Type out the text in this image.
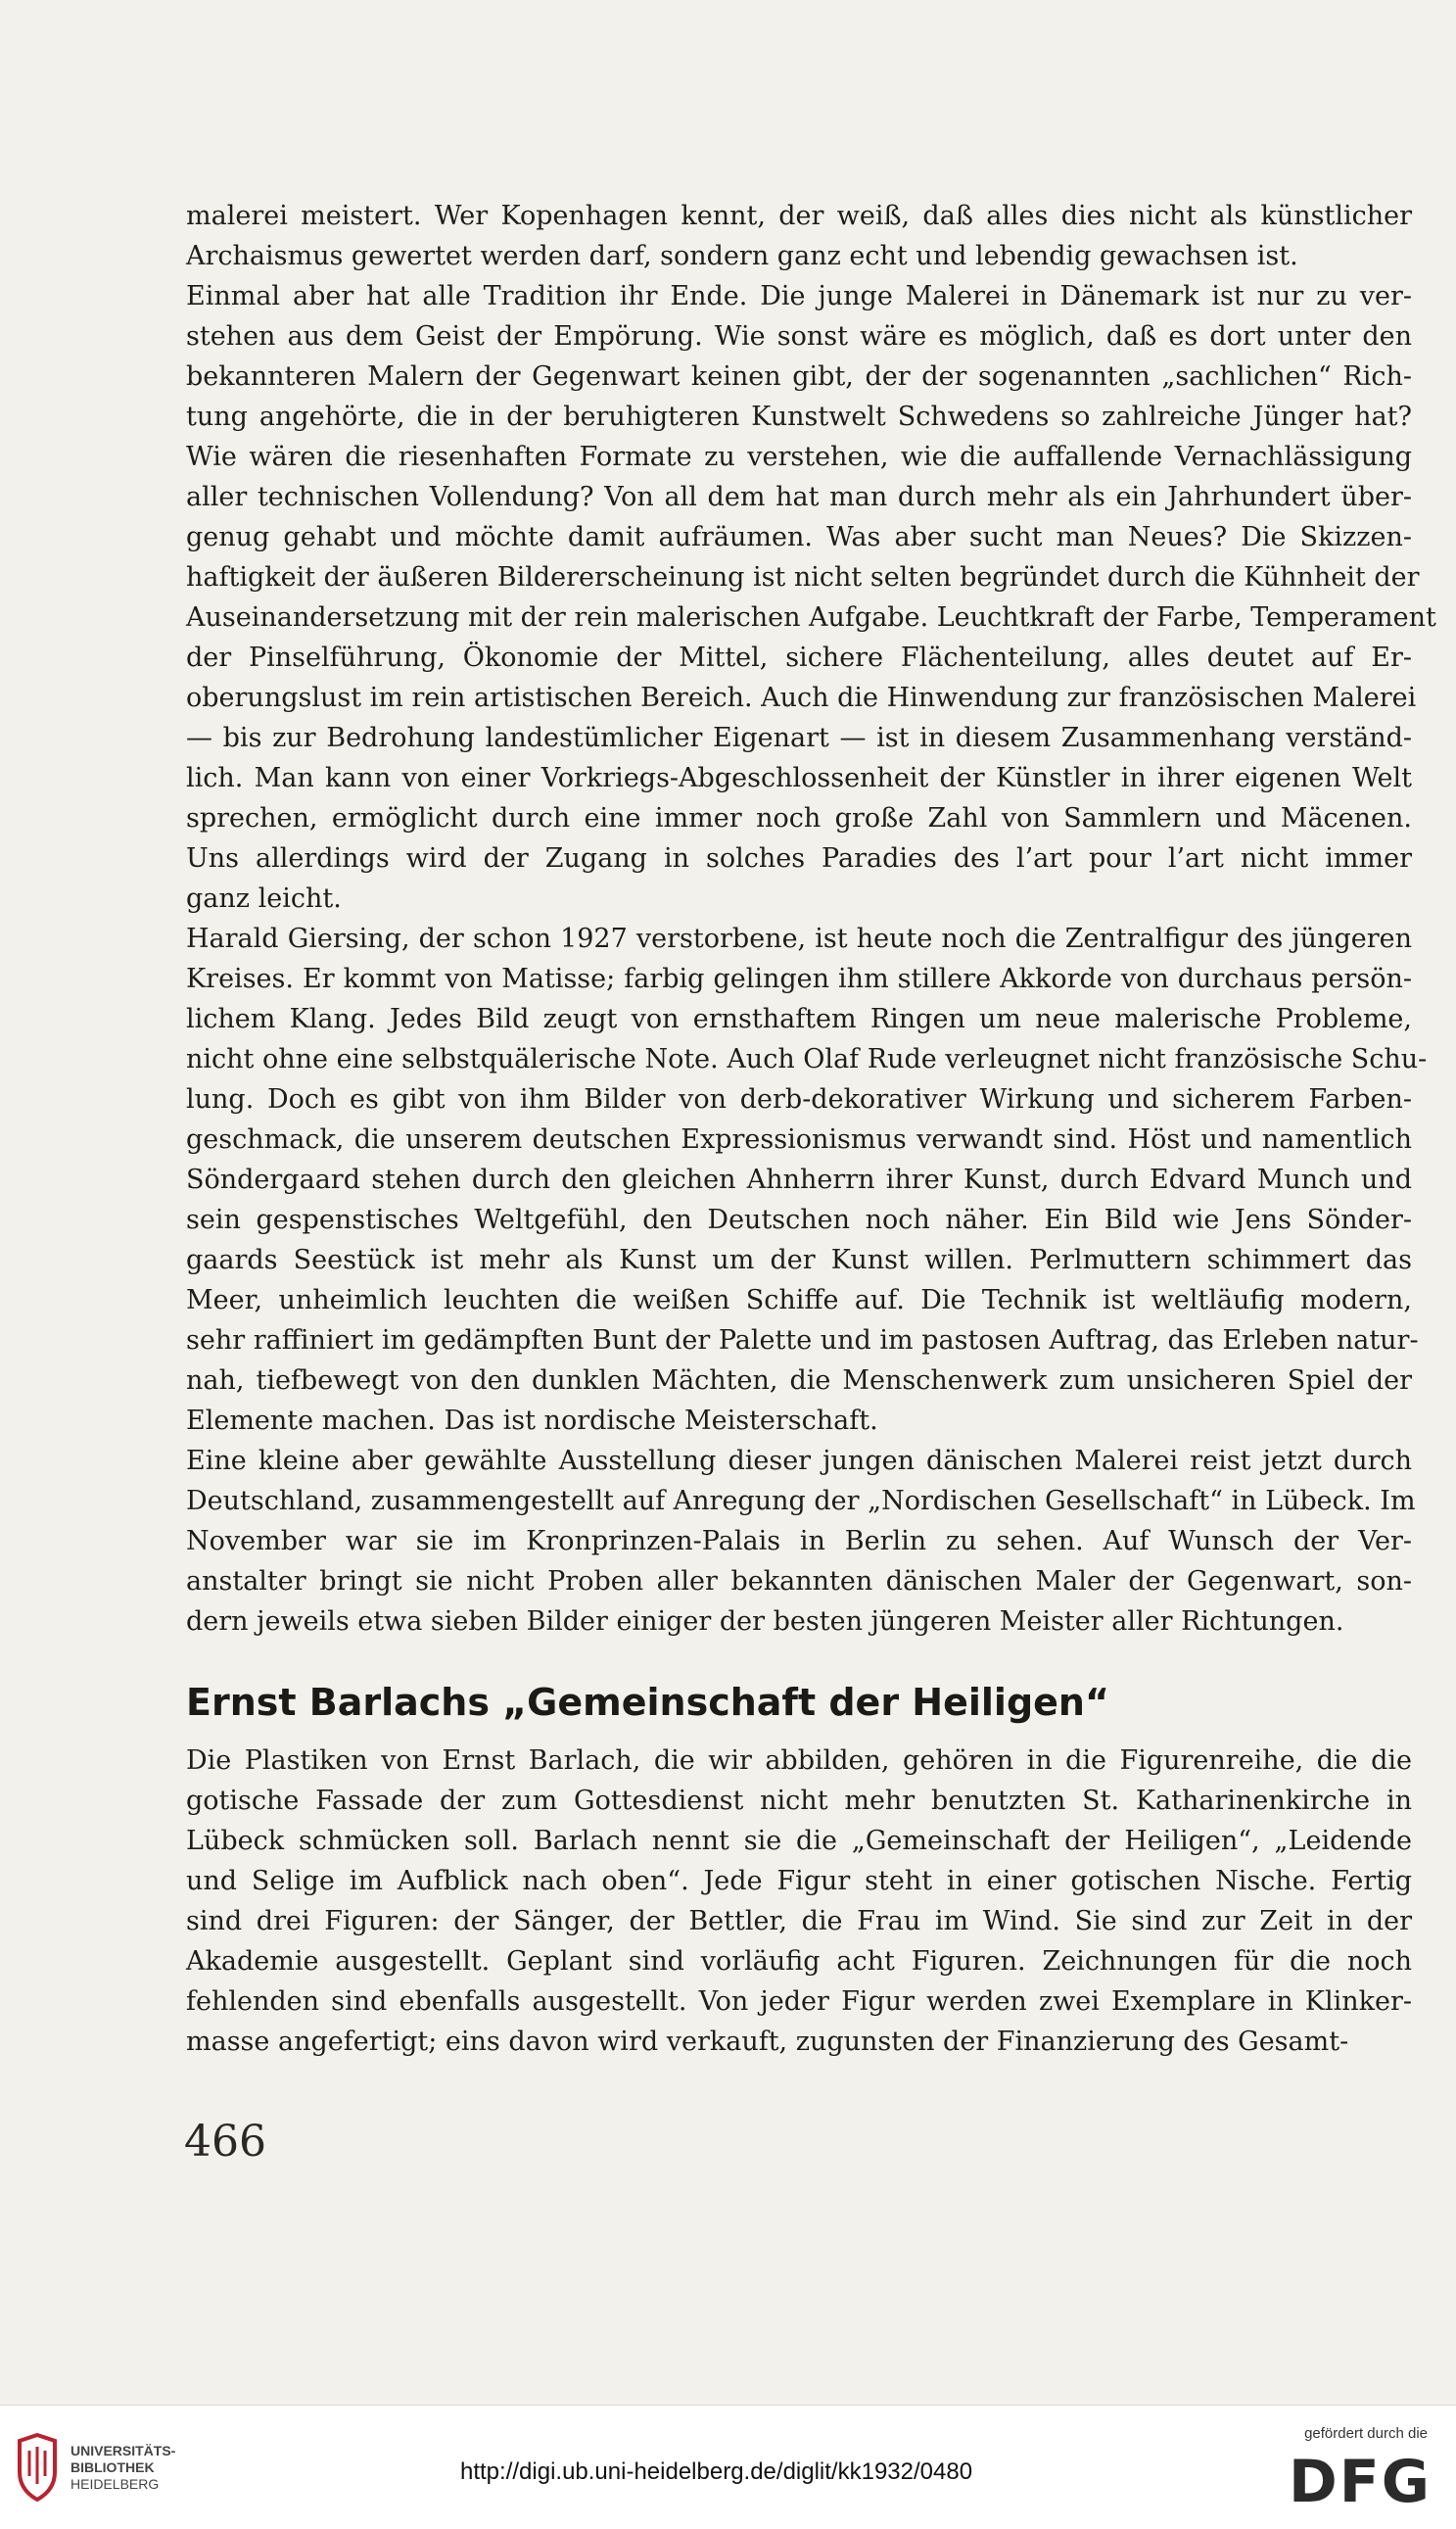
malerei meistert. Wer Kopenhagen kennt, der weiß, daß alles dies nicht als künstlicher
Archaismus gewertet werden darf, sondern ganz echt und lebendig gewachsen ist.
Einmal aber hat alle Tradition ihr Ende. Die junge Malerei in Dänemark ist nur zu ver-
stehen aus dem Geist der Empörung. Wie sonst wäre es möglich, daß es dort unter den
bekannteren Malern der Gegenwart keinen gibt, der der sogenannten „sachlichen“ Rich-
tung angehörte, die in der beruhigteren Kunstwelt Schwedens so zahlreiche Jünger hat?
Wie wären die riesenhaften Formate zu verstehen, wie die auffallende Vernachlässigung
aller technischen Vollendung? Von all dem hat man durch mehr als ein Jahrhundert über-
genug gehabt und möchte damit aufräumen. Was aber sucht man Neues? Die Skizzen-
haftigkeit der äußeren Bildererscheinung ist nicht selten begründet durch die Kühnheit der
Auseinandersetzung mit der rein malerischen Aufgabe. Leuchtkraft der Farbe, Temperament
der Pinselführung, Ökonomie der Mittel, sichere Flächenteilung, alles deutet auf Er-
oberungslust im rein artistischen Bereich. Auch die Hinwendung zur französischen Malerei
— bis zur Bedrohung landestümlicher Eigenart — ist in diesem Zusammenhang verständ-
lich. Man kann von einer Vorkriegs-Abgeschlossenheit der Künstler in ihrer eigenen Welt
sprechen, ermöglicht durch eine immer noch große Zahl von Sammlern und Mäcenen.
Uns allerdings wird der Zugang in solches Paradies des l’art pour l’art nicht immer
ganz leicht.
Harald Giersing, der schon 1927 verstorbene, ist heute noch die Zentralfigur des jüngeren
Kreises. Er kommt von Matisse; farbig gelingen ihm stillere Akkorde von durchaus persön-
lichem Klang. Jedes Bild zeugt von ernsthaftem Ringen um neue malerische Probleme,
nicht ohne eine selbstquälerische Note. Auch Olaf Rude verleugnet nicht französische Schu-
lung. Doch es gibt von ihm Bilder von derb-dekorativer Wirkung und sicherem Farben-
geschmack, die unserem deutschen Expressionismus verwandt sind. Höst und namentlich
Söndergaard stehen durch den gleichen Ahnherrn ihrer Kunst, durch Edvard Munch und
sein gespenstisches Weltgefühl, den Deutschen noch näher. Ein Bild wie Jens Sönder-
gaards Seestück ist mehr als Kunst um der Kunst willen. Perlmuttern schimmert das
Meer, unheimlich leuchten die weißen Schiffe auf. Die Technik ist weltläufig modern,
sehr raffiniert im gedämpften Bunt der Palette und im pastosen Auftrag, das Erleben natur-
nah, tiefbewegt von den dunklen Mächten, die Menschenwerk zum unsicheren Spiel der
Elemente machen. Das ist nordische Meisterschaft.
Eine kleine aber gewählte Ausstellung dieser jungen dänischen Malerei reist jetzt durch
Deutschland, zusammengestellt auf Anregung der „Nordischen Gesellschaft“ in Lübeck. Im
November war sie im Kronprinzen-Palais in Berlin zu sehen. Auf Wunsch der Ver-
anstalter bringt sie nicht Proben aller bekannten dänischen Maler der Gegenwart, son-
dern jeweils etwa sieben Bilder einiger der besten jüngeren Meister aller Richtungen.
Ernst Barlachs „Gemeinschaft der Heiligen“
Die Plastiken von Ernst Barlach, die wir abbilden, gehören in die Figurenreihe, die die
gotische Fassade der zum Gottesdienst nicht mehr benutzten St. Katharinenkirche in
Lübeck schmücken soll. Barlach nennt sie die „Gemeinschaft der Heiligen“, „Leidende
und Selige im Aufblick nach oben“. Jede Figur steht in einer gotischen Nische. Fertig
sind drei Figuren: der Sänger, der Bettler, die Frau im Wind. Sie sind zur Zeit in der
Akademie ausgestellt. Geplant sind vorläufig acht Figuren. Zeichnungen für die noch
fehlenden sind ebenfalls ausgestellt. Von jeder Figur werden zwei Exemplare in Klinker-
masse angefertigt; eins davon wird verkauft, zugunsten der Finanzierung des Gesamt-
466
UNIVERSITÄTS-
BIBLIOTHEK
HEIDELBERG	http://digi.ub.uni-heidelberg.de/diglit/kk1932/0480
gefördert durch die
DFG
